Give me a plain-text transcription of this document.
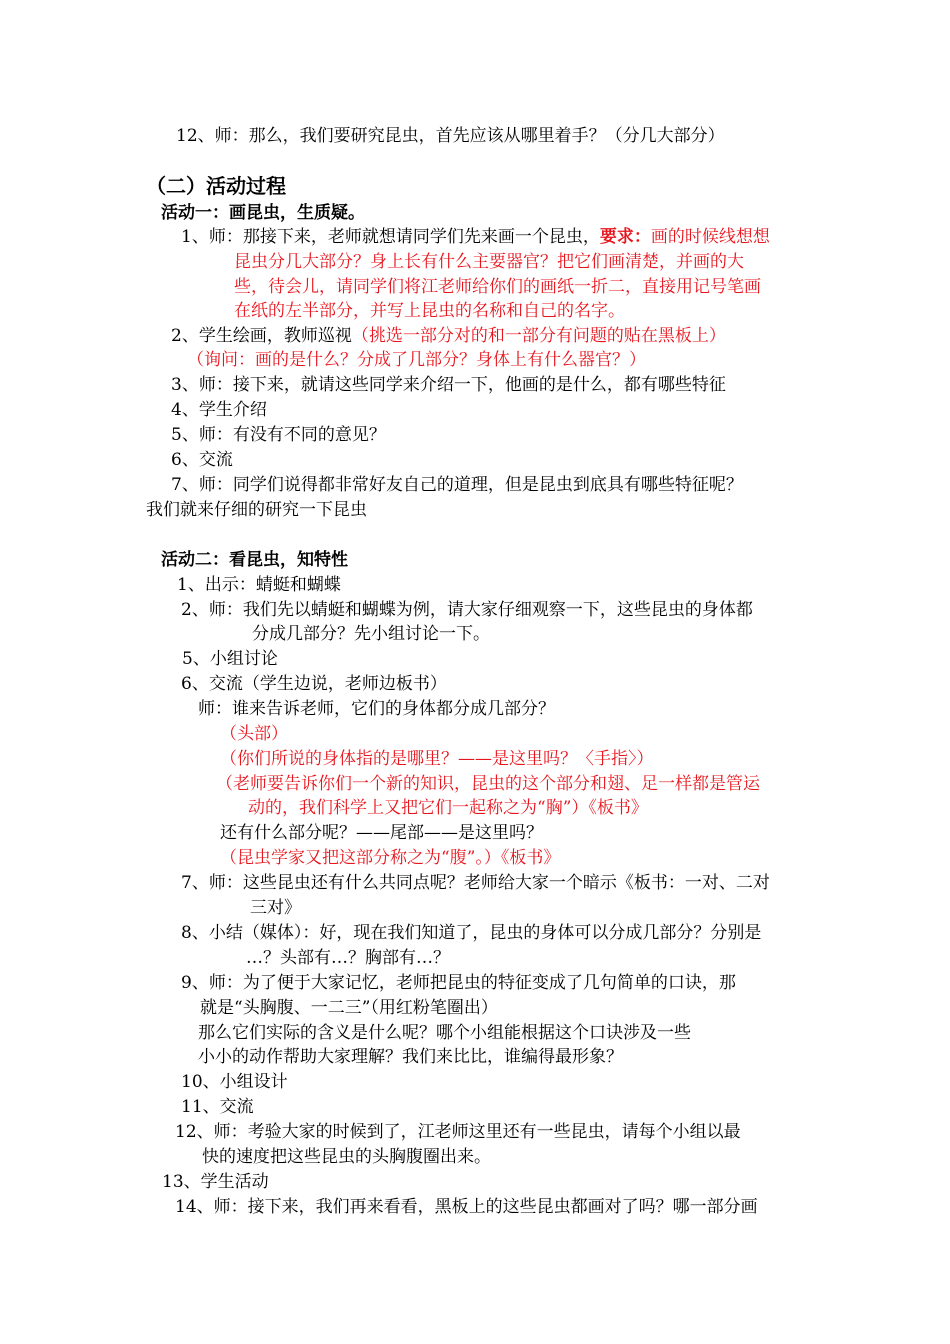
12、师：那么，我们要研究昆虫，首先应该从哪里着手？（分几大部分）
（二）活动过程
活动一：画昆虫，生质疑。
1、师：那接下来，老师就想请同学们先来画一个昆虫，要求：画的时候线想想
昆虫分几大部分？身上长有什么主要器官？把它们画清楚，并画的大
些，待会儿，请同学们将江老师给你们的画纸一折二，直接用记号笔画
在纸的左半部分，并写上昆虫的名称和自己的名字。
2、学生绘画，教师巡视（挑选一部分对的和一部分有问题的贴在黑板上）
（询问：画的是什么？分成了几部分？身体上有什么器官？）
3、师：接下来，就请这些同学来介绍一下，他画的是什么，都有哪些特征
4、学生介绍
5、师：有没有不同的意见？
6、交流
7、师：同学们说得都非常好友自己的道理，但是昆虫到底具有哪些特征呢？
我们就来仔细的研究一下昆虫
活动二：看昆虫，知特性
1、出示：蜻蜓和蝴蝶
2、师：我们先以蜻蜓和蝴蝶为例，请大家仔细观察一下，这些昆虫的身体都
分成几部分？先小组讨论一下。
5、小组讨论
6、交流（学生边说，老师边板书）
师：谁来告诉老师，它们的身体都分成几部分？
（头部）
（你们所说的身体指的是哪里？——是这里吗？〈手指〉）
（老师要告诉你们一个新的知识，昆虫的这个部分和翅、足一样都是管运
动的，我们科学上又把它们一起称之为“胸”）《板书》
还有什么部分呢？——尾部——是这里吗？
（昆虫学家又把这部分称之为“腹”。）《板书》
7、师：这些昆虫还有什么共同点呢？老师给大家一个暗示《板书：一对、二对
三对》
8、小结（媒体）：好，现在我们知道了，昆虫的身体可以分成几部分？分别是
…？头部有…？胸部有…？
9、师：为了便于大家记忆，老师把昆虫的特征变成了几句简单的口诀，那
就是“头胸腹、一二三”（用红粉笔圈出）
那么它们实际的含义是什么呢？哪个小组能根据这个口诀涉及一些
小小的动作帮助大家理解？我们来比比，谁编得最形象？
10、小组设计
11、交流
12、师：考验大家的时候到了，江老师这里还有一些昆虫，请每个小组以最
快的速度把这些昆虫的头胸腹圈出来。
13、学生活动
14、师：接下来，我们再来看看，黑板上的这些昆虫都画对了吗？哪一部分画
